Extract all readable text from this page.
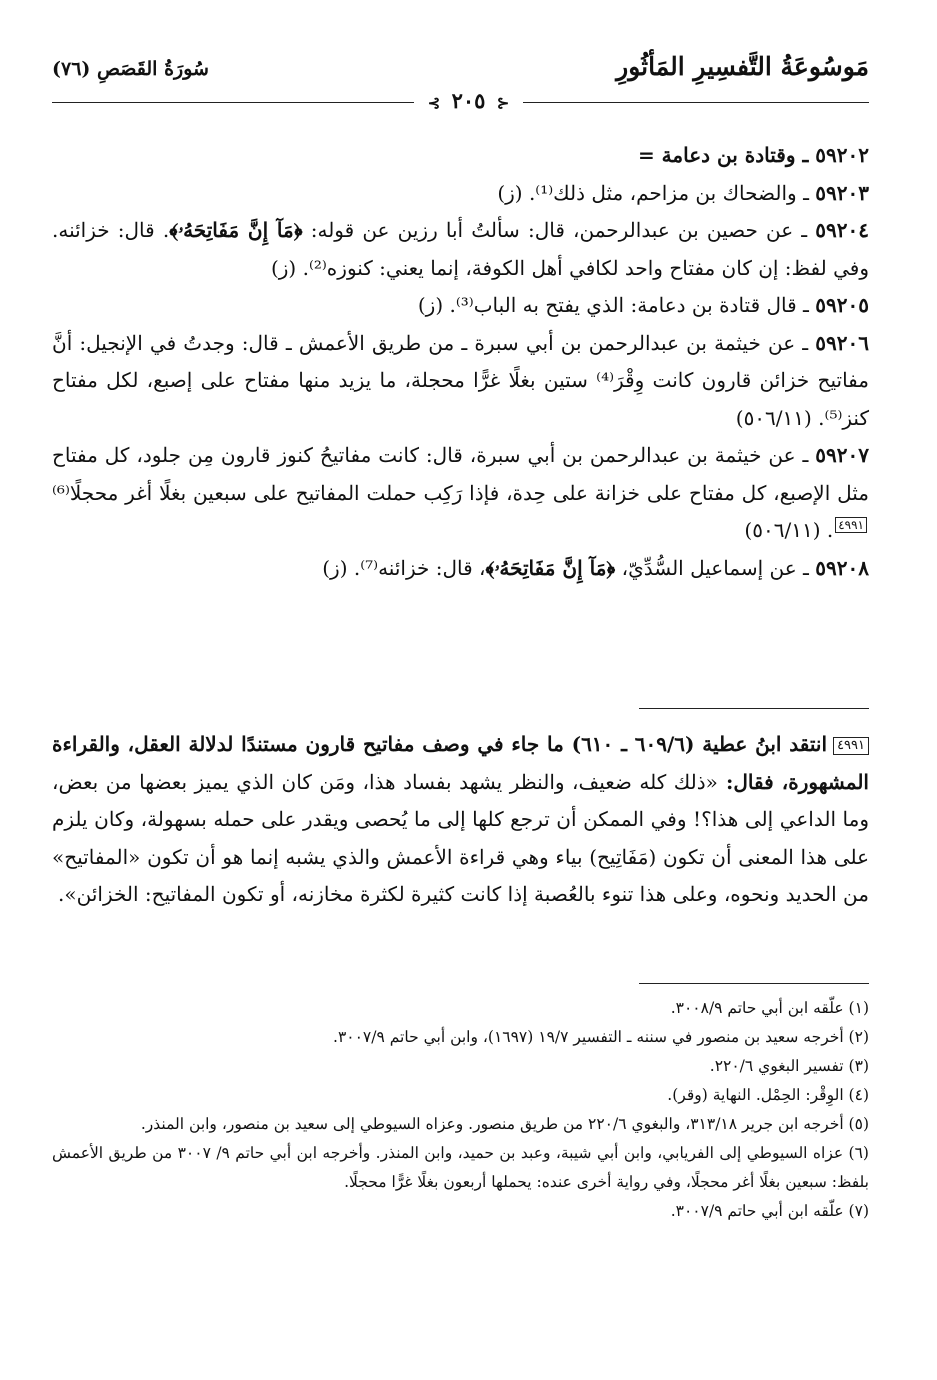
مَوسُوعَةُ التَّفسِيرِ المَأثُورِ
سُورَةُ القَصَصِ (٧٦)
⊰ ٢٠٥ ⊱

٥٩٢٠٢ ـ وقتادة بن دعامة =

٥٩٢٠٣ ـ والضحاك بن مزاحم، مثل ذلك⁽¹⁾. (ز)

٥٩٢٠٤ ـ عن حصين بن عبدالرحمن، قال: سألتُ أبا رزين عن قوله: ﴿مَآ إِنَّ مَفَاتِحَهُۥ﴾. قال: خزائنه. وفي لفظ: إن كان مفتاح واحد لكافي أهل الكوفة، إنما يعني: كنوزه⁽²⁾. (ز)

٥٩٢٠٥ ـ قال قتادة بن دعامة: الذي يفتح به الباب⁽³⁾. (ز)

٥٩٢٠٦ ـ عن خيثمة بن عبدالرحمن بن أبي سبرة ـ من طريق الأعمش ـ قال: وجدتُ في الإنجيل: أنَّ مفاتيح خزائن قارون كانت وِقْرَ⁽⁴⁾ ستين بغلًا غرًّا محجلة، ما يزيد منها مفتاح على إصبع، لكل مفتاح كنز⁽⁵⁾. (٥٠٦/١١)

٥٩٢٠٧ ـ عن خيثمة بن عبدالرحمن بن أبي سبرة، قال: كانت مفاتيحُ كنوز قارون مِن جلود، كل مفتاح مثل الإصبع، كل مفتاح على خزانة على حِدة، فإذا رَكِب حملت المفاتيح على سبعين بغلًا أغر محجلًا⁽⁶⁾٤٩٩١. (٥٠٦/١١)

٥٩٢٠٨ ـ عن إسماعيل السُّدِّيّ، ﴿مَآ إِنَّ مَفَاتِحَهُۥ﴾، قال: خزائنه⁽⁷⁾. (ز)

٤٩٩١انتقد ابنُ عطية (٦٠٩/٦ ـ ٦١٠) ما جاء في وصف مفاتيح قارون مستندًا لدلالة العقل، والقراءة المشهورة، فقال: «ذلك كله ضعيف، والنظر يشهد بفساد هذا، ومَن كان الذي يميز بعضها من بعض، وما الداعي إلى هذا؟! وفي الممكن أن ترجع كلها إلى ما يُحصى ويقدر على حمله بسهولة، وكان يلزم على هذا المعنى أن تكون (مَفَاتِيح) بياء وهي قراءة الأعمش والذي يشبه إنما هو أن تكون «المفاتيح» من الحديد ونحوه، وعلى هذا تنوء بالعُصبة إذا كانت كثيرة لكثرة مخازنه، أو تكون المفاتيح: الخزائن».

(١) علّقه ابن أبي حاتم ٣٠٠٨/٩.

(٢) أخرجه سعيد بن منصور في سننه ـ التفسير ١٩/٧ (١٦٩٧)، وابن أبي حاتم ٣٠٠٧/٩.

(٣) تفسير البغوي ٢٢٠/٦.

(٤) الوِقْر: الحِمْل. النهاية (وقر).

(٥) أخرجه ابن جرير ٣١٣/١٨، والبغوي ٢٢٠/٦ من طريق منصور. وعزاه السيوطي إلى سعيد بن منصور، وابن المنذر.

(٦) عزاه السيوطي إلى الفريابي، وابن أبي شيبة، وعبد بن حميد، وابن المنذر. وأخرجه ابن أبي حاتم ٩/ ٣٠٠٧ من طريق الأعمش بلفظ: سبعين بغلًا أغر محجلًا، وفي رواية أخرى عنده: يحملها أربعون بغلًا غرًّا محجلًا.

(٧) علّقه ابن أبي حاتم ٣٠٠٧/٩.
